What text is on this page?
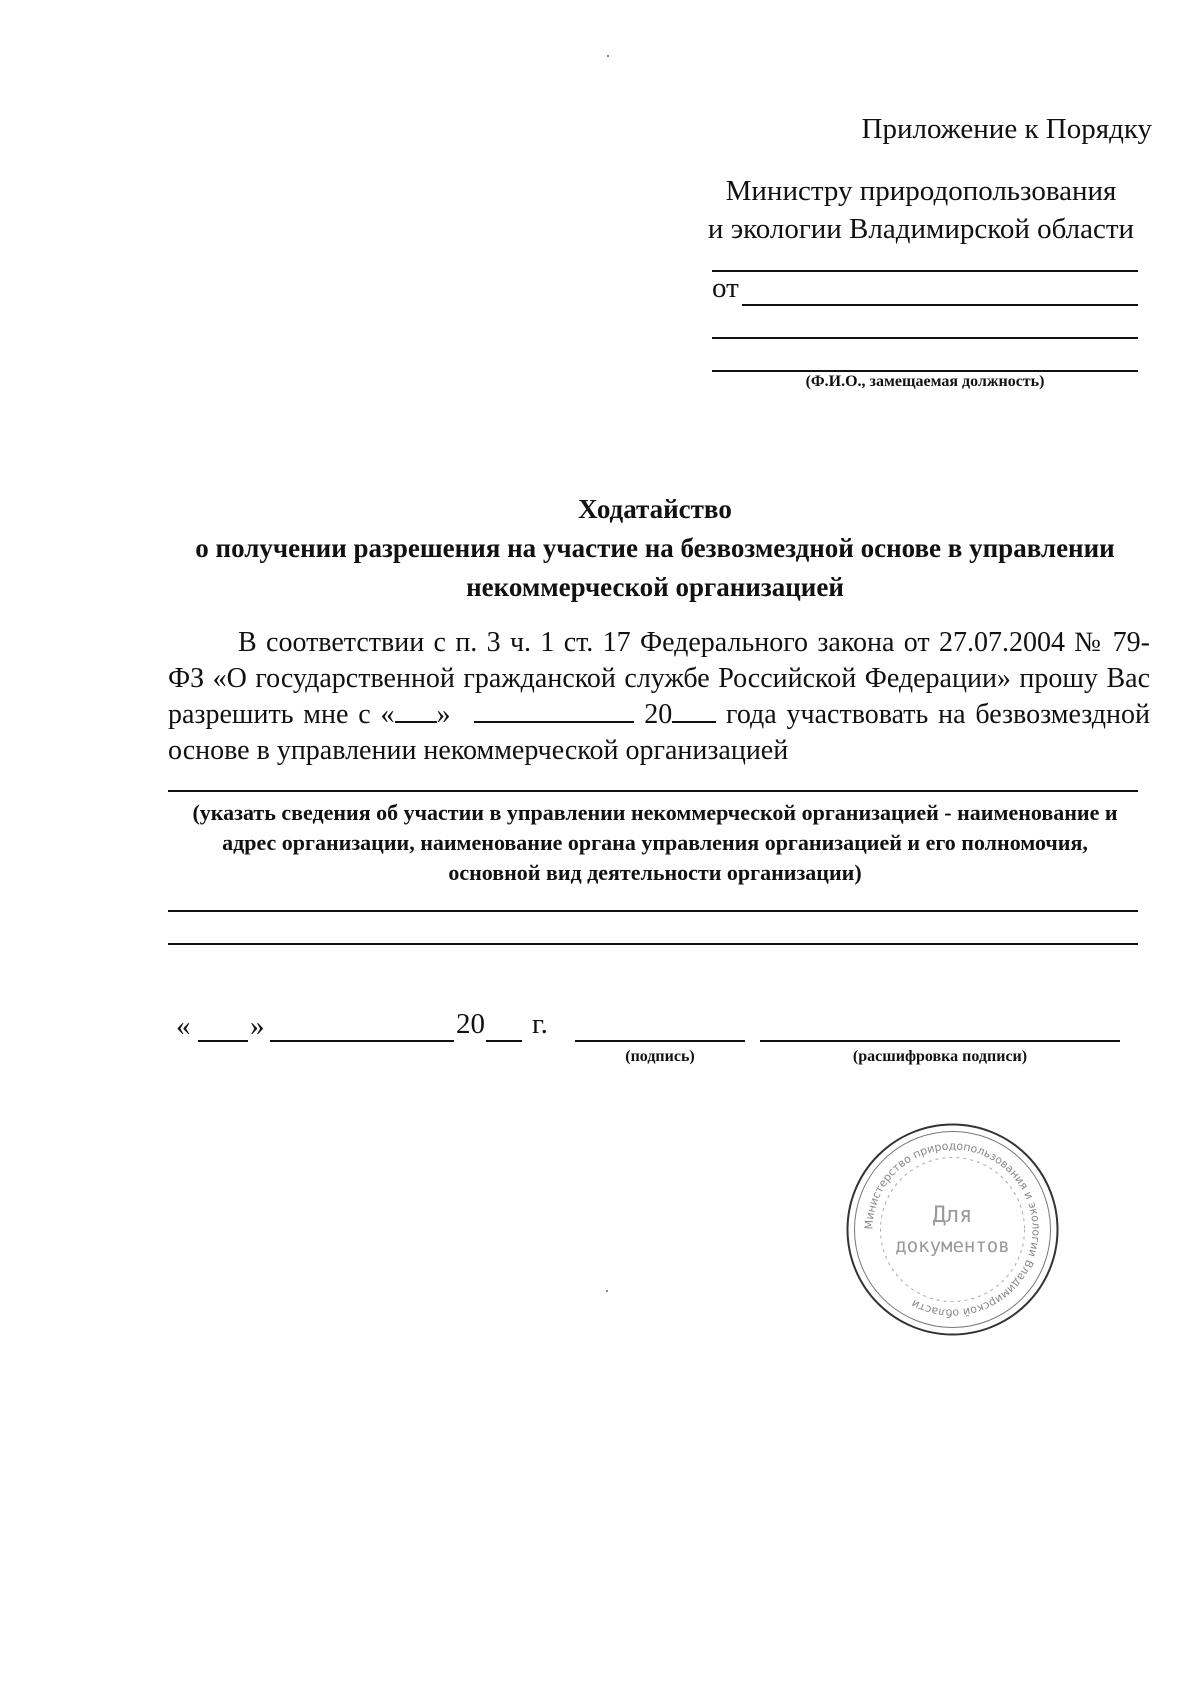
Приложение к Порядку
Министру природопользования
и экологии Владимирской области
от
(Ф.И.О., замещаемая должность)
Ходатайство
о получении разрешения на участие на безвозмездной основе в управлении
некоммерческой организацией

В соответствии с п. 3 ч. 1 ст. 17 Федерального закона от 27.07.2004 № 79-ФЗ «О государственной гражданской службе Российской Федерации» прошу Вас разрешить мне с « »	20 года участвовать на безвозмездной основе в управлении некоммерческой организацией

(указать сведения об участии в управлении некоммерческой организацией - наименование и
адрес организации, наименование органа управления организацией и его полномочия,
основной вид деятельности организации)
« »	20 г.
(подпись)	(расшифровка подписи)
Министерство природопользования и экологии Владимирской области
Для
документов
